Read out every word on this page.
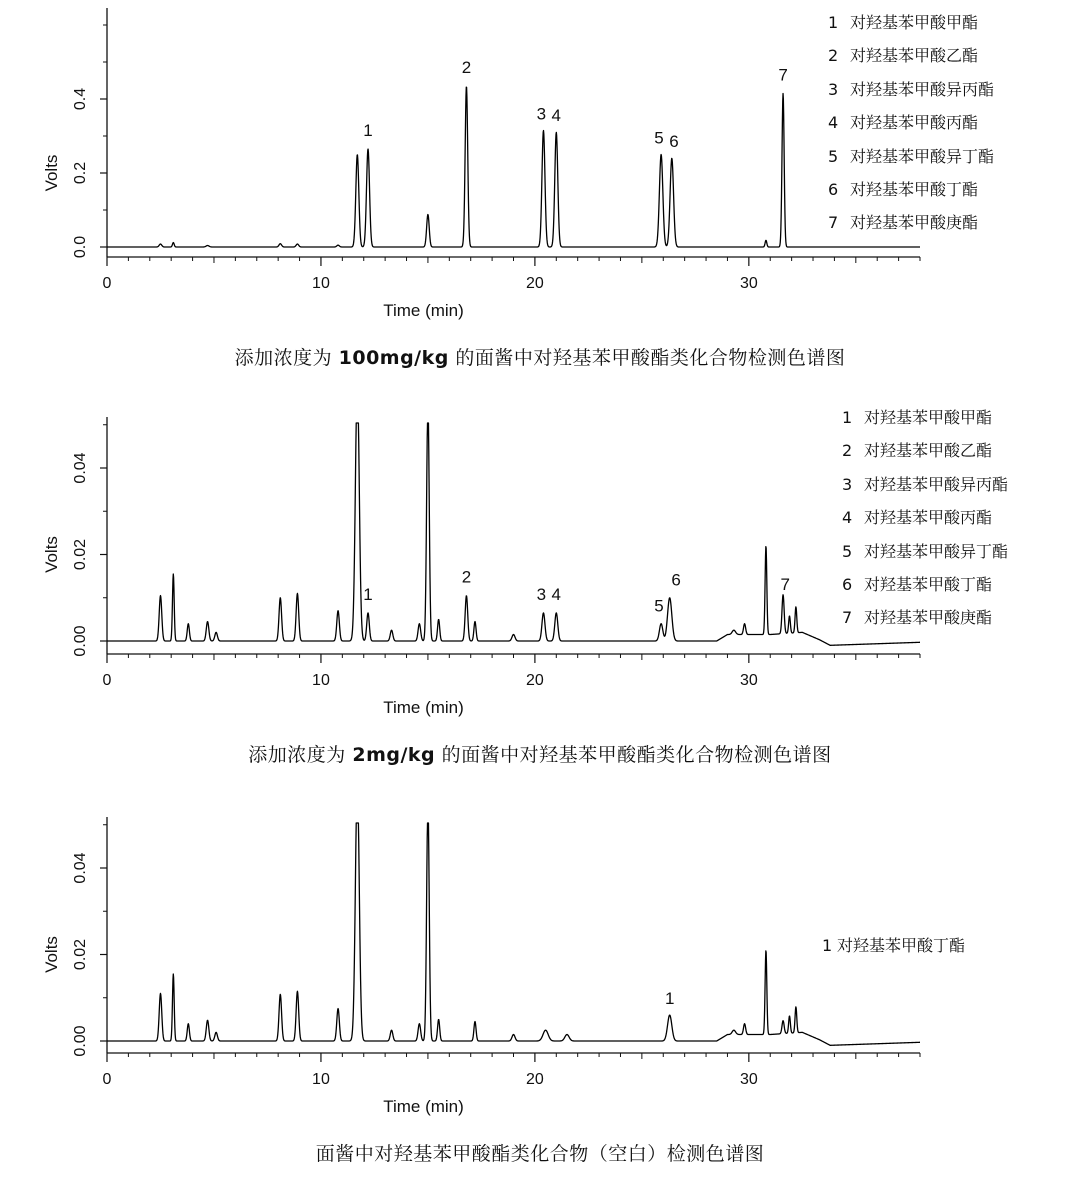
0.0
0.2
0.4
0	10	20	30
Time (min)
Volts
1
2
3 4
5 6
7
1 对羟基苯甲酸甲酯
2 对羟基苯甲酸乙酯
3 对羟基苯甲酸异丙酯
4 对羟基苯甲酸丙酯
5 对羟基苯甲酸异丁酯
6 对羟基苯甲酸丁酯
7 对羟基苯甲酸庚酯
添加浓度为 100mg/kg 的面酱中对羟基苯甲酸酯类化合物检测色谱图
0.00
0.02
0.04
0	10	20	30
Time (min)
Volts
1
2
3 4
5
6	7
1 对羟基苯甲酸甲酯
2 对羟基苯甲酸乙酯
3 对羟基苯甲酸异丙酯
4 对羟基苯甲酸丙酯
5 对羟基苯甲酸异丁酯
6 对羟基苯甲酸丁酯
7 对羟基苯甲酸庚酯
添加浓度为 2mg/kg 的面酱中对羟基苯甲酸酯类化合物检测色谱图
0.00
0.02
0.04
0	10	20	30
Time (min)
Volts
1
1 对羟基苯甲酸丁酯
面酱中对羟基苯甲酸酯类化合物（空白）检测色谱图
